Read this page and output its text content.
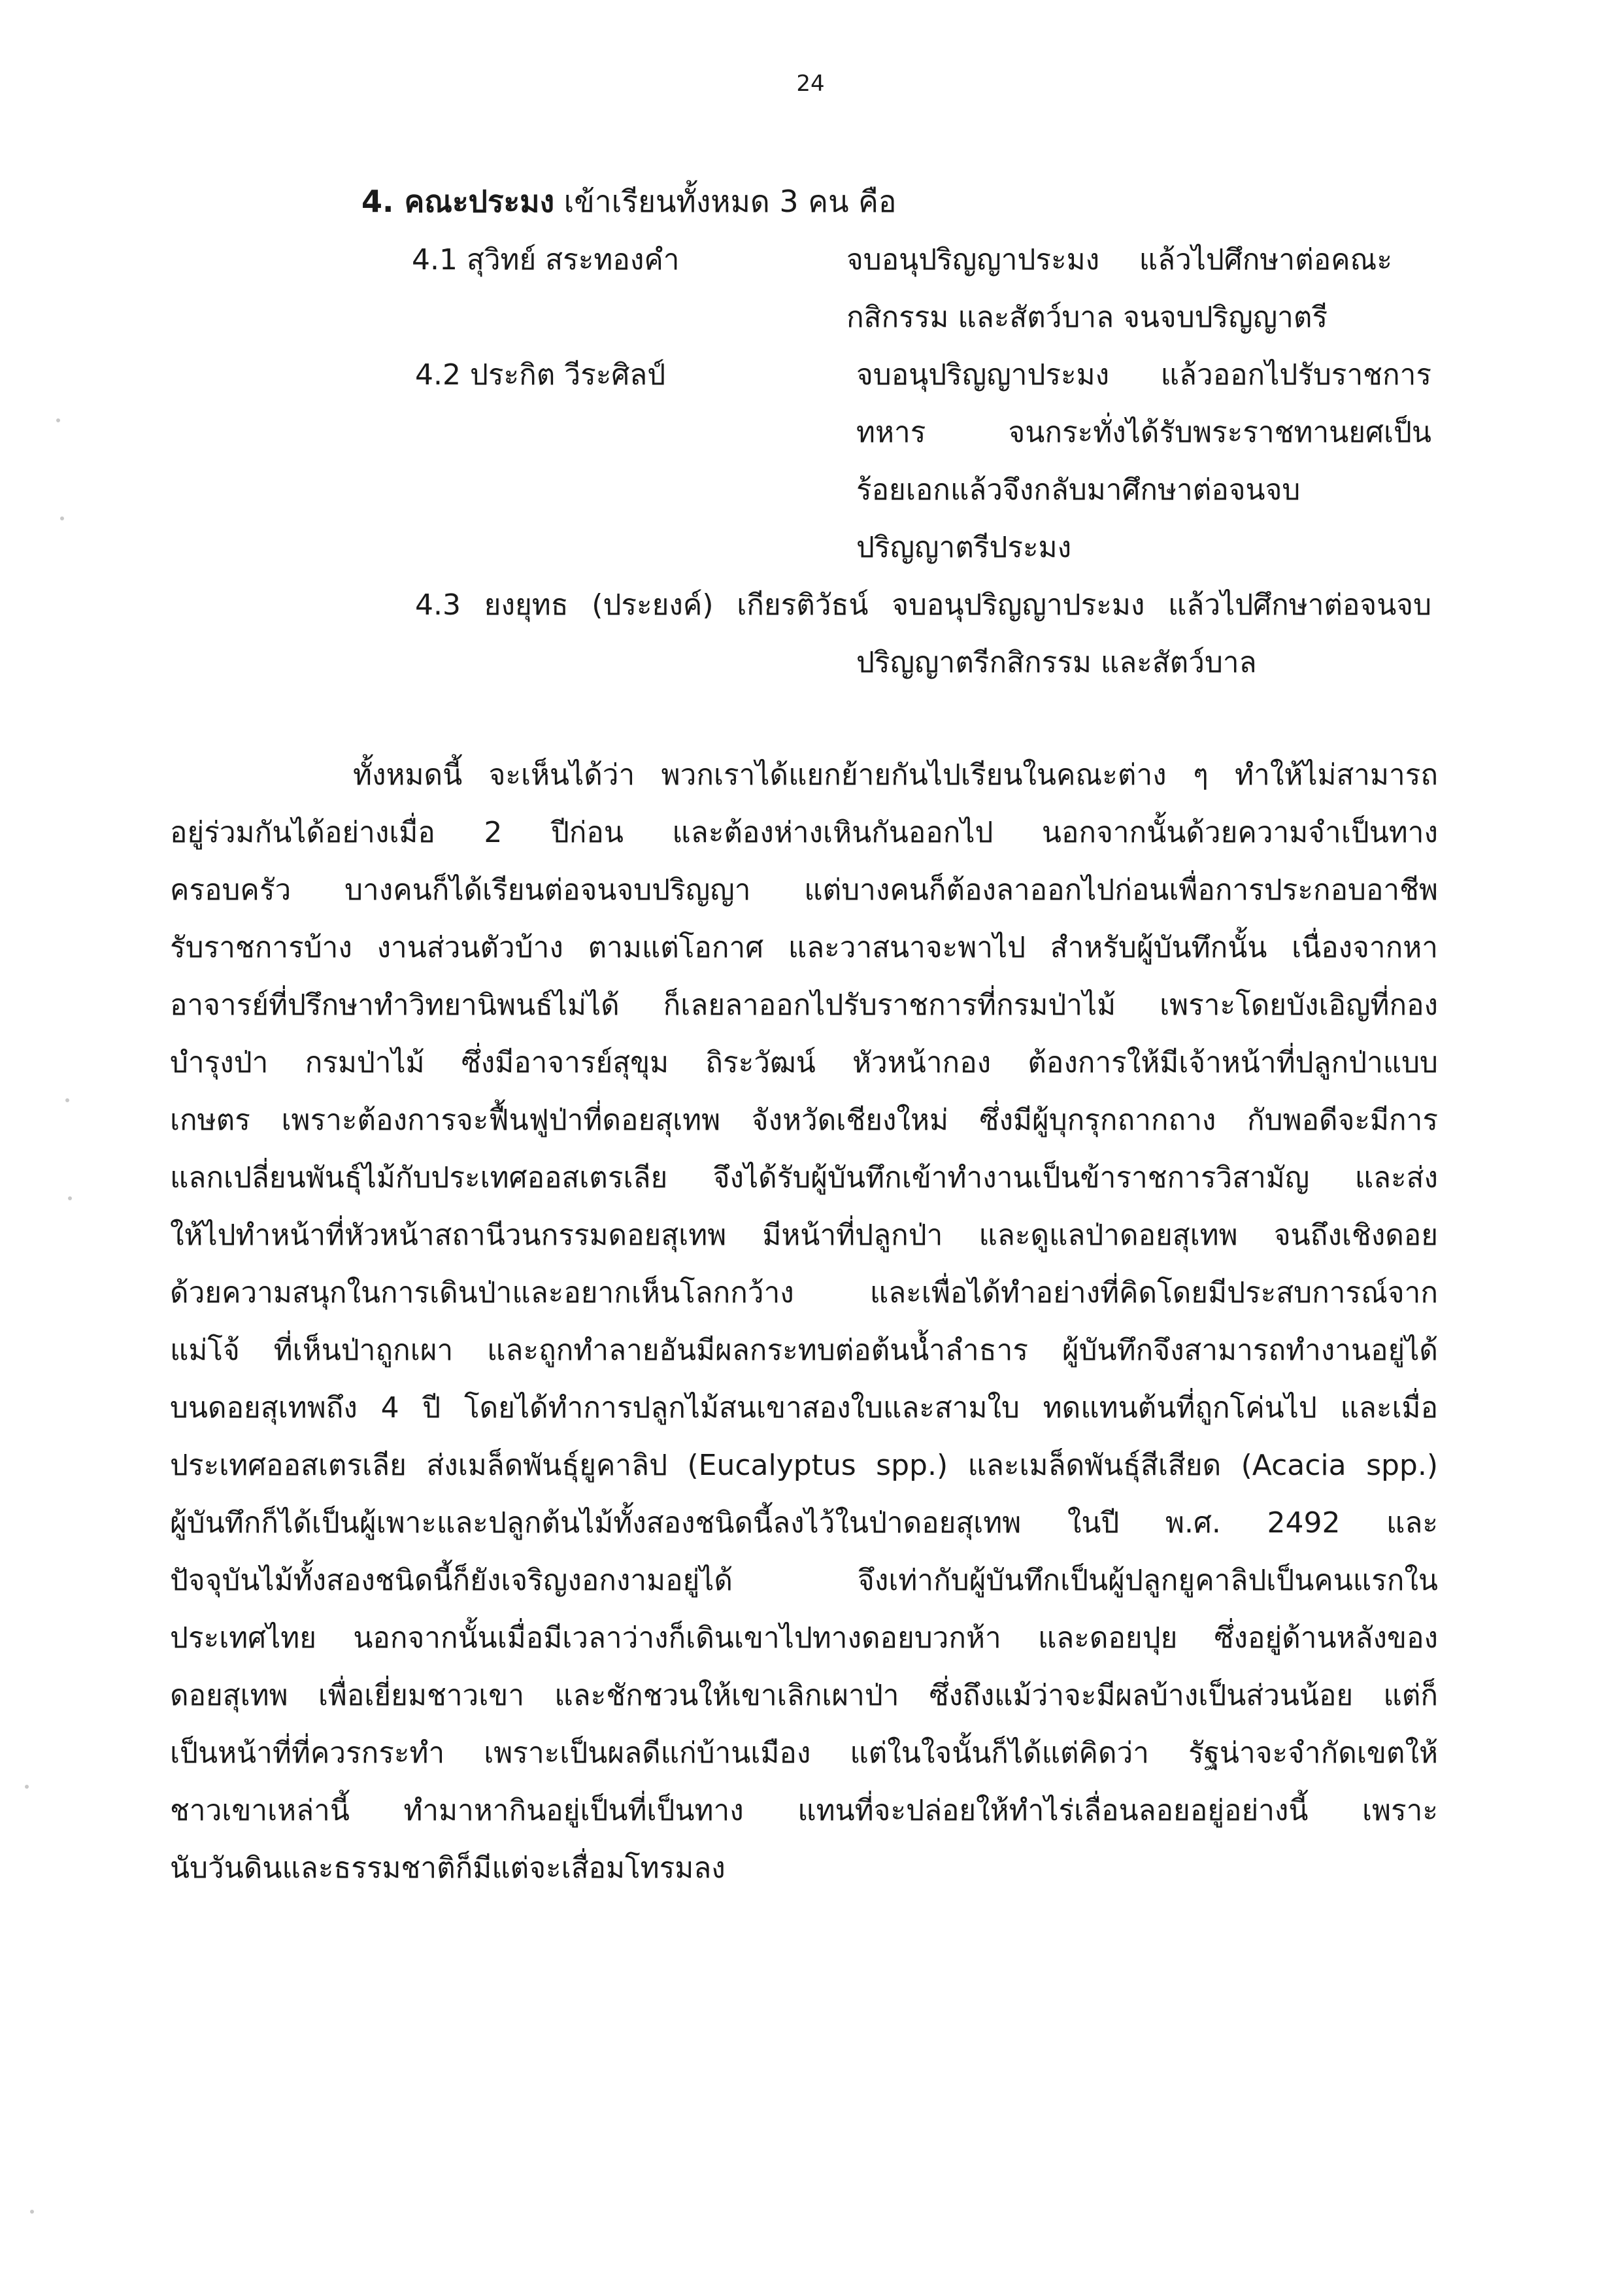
24
4. คณะประมง เข้าเรียนทั้งหมด 3 คน คือ
4.1 สุวิทย์ สระทองคำ	จบอนุปริญญาประมง แล้วไปศึกษาต่อคณะ
กสิกรรม และสัตว์บาล จนจบปริญญาตรี
4.2 ประกิต วีระศิลป์	จบอนุปริญญาประมง แล้วออกไปรับราชการ
ทหาร จนกระทั่งได้รับพระราชทานยศเป็น
ร้อยเอกแล้วจึงกลับมาศึกษาต่อจนจบ
ปริญญาตรีประมง
4.3 ยงยุทธ (ประยงค์) เกียรติวัธน์ จบอนุปริญญาประมง แล้วไปศึกษาต่อจนจบ
ปริญญาตรีกสิกรรม และสัตว์บาล
ทั้งหมดนี้ จะเห็นได้ว่า พวกเราได้แยกย้ายกันไปเรียนในคณะต่าง ๆ ทำให้ไม่สามารถ
อยู่ร่วมกันได้อย่างเมื่อ 2 ปีก่อน และต้องห่างเหินกันออกไป นอกจากนั้นด้วยความจำเป็นทาง
ครอบครัว บางคนก็ได้เรียนต่อจนจบปริญญา แต่บางคนก็ต้องลาออกไปก่อนเพื่อการประกอบอาชีพ
รับราชการบ้าง งานส่วนตัวบ้าง ตามแต่โอกาศ และวาสนาจะพาไป สำหรับผู้บันทึกนั้น เนื่องจากหา
อาจารย์ที่ปรึกษาทำวิทยานิพนธ์ไม่ได้ ก็เลยลาออกไปรับราชการที่กรมป่าไม้ เพราะโดยบังเอิญที่กอง
บำรุงป่า กรมป่าไม้ ซึ่งมีอาจารย์สุขุม ถิระวัฒน์ หัวหน้ากอง ต้องการให้มีเจ้าหน้าที่ปลูกป่าแบบ
เกษตร เพราะต้องการจะฟื้นฟูป่าที่ดอยสุเทพ จังหวัดเชียงใหม่ ซึ่งมีผู้บุกรุกถากถาง กับพอดีจะมีการ
แลกเปลี่ยนพันธุ์ไม้กับประเทศออสเตรเลีย จึงได้รับผู้บันทึกเข้าทำงานเป็นข้าราชการวิสามัญ และส่ง
ให้ไปทำหน้าที่หัวหน้าสถานีวนกรรมดอยสุเทพ มีหน้าที่ปลูกป่า และดูแลป่าดอยสุเทพ จนถึงเชิงดอย
ด้วยความสนุกในการเดินป่าและอยากเห็นโลกกว้าง และเพื่อได้ทำอย่างที่คิดโดยมีประสบการณ์จาก
แม่โจ้ ที่เห็นป่าถูกเผา และถูกทำลายอันมีผลกระทบต่อต้นน้ำลำธาร ผู้บันทึกจึงสามารถทำงานอยู่ได้
บนดอยสุเทพถึง 4 ปี โดยได้ทำการปลูกไม้สนเขาสองใบและสามใบ ทดแทนต้นที่ถูกโค่นไป และเมื่อ
ประเทศออสเตรเลีย ส่งเมล็ดพันธุ์ยูคาลิป (Eucalyptus spp.) และเมล็ดพันธุ์สีเสียด (Acacia spp.)
ผู้บันทึกก็ได้เป็นผู้เพาะและปลูกต้นไม้ทั้งสองชนิดนี้ลงไว้ในป่าดอยสุเทพ ในปี พ.ศ. 2492 และ
ปัจจุบันไม้ทั้งสองชนิดนี้ก็ยังเจริญงอกงามอยู่ได้ จึงเท่ากับผู้บันทึกเป็นผู้ปลูกยูคาลิปเป็นคนแรกใน
ประเทศไทย นอกจากนั้นเมื่อมีเวลาว่างก็เดินเขาไปทางดอยบวกห้า และดอยปุย ซึ่งอยู่ด้านหลังของ
ดอยสุเทพ เพื่อเยี่ยมชาวเขา และชักชวนให้เขาเลิกเผาป่า ซึ่งถึงแม้ว่าจะมีผลบ้างเป็นส่วนน้อย แต่ก็
เป็นหน้าที่ที่ควรกระทำ เพราะเป็นผลดีแก่บ้านเมือง แต่ในใจนั้นก็ได้แต่คิดว่า รัฐน่าจะจำกัดเขตให้
ชาวเขาเหล่านี้ ทำมาหากินอยู่เป็นที่เป็นทาง แทนที่จะปล่อยให้ทำไร่เลื่อนลอยอยู่อย่างนี้ เพราะ
นับวันดินและธรรมชาติก็มีแต่จะเสื่อมโทรมลง
